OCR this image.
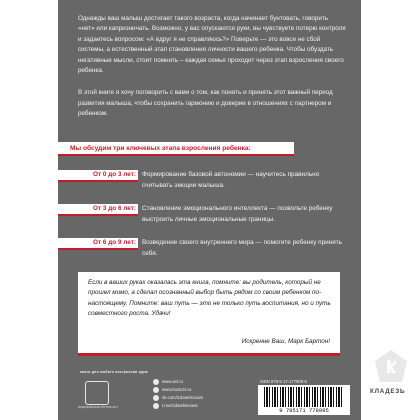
Однажды ваш малыш достигает такого возраста, когда начинает бунтовать, говорить «нет» или капризничать. Возможно, у вас опускаются руки, вы чувствуете потерю контроля и задаетесь вопросом: «А вдруг я не справляюсь?» Поверьте — это вовсе не сбой системы, а естественный этап становления личности вашего ребенка. Чтобы обуздать негативные мысли, стоит помнить – каждая семья проходит через этап взросления своего ребенка.

В этой книге я хочу поговорить с вами о том, как понять и принять этот важный период развития малыша, чтобы сохранить гармонию и доверие в отношениях с партнером и ребенком.

Мы обсудим три ключевых этапа взросления ребенка:
От 0 до 3 лет: Формирование базовой автономии — научитесь правильно считывать эмоции малыша.
От 3 до 6 лет: Становление эмоционального интеллекта — позвольте ребенку выстроить личные эмоциональные границы.
От 6 до 9 лет: Возведение своего внутреннего мира — помогите ребенку принять себя.
Если в ваших руках оказалась эта книга, помните: вы родитель, который не прошел мимо, а сделал осознанный выбор быть рядом со своим ребенком по-настоящему. Помните: ваш путь — это не только путь воспитания, но и путь совместного роста. Удачи!
Искренне Ваш, Марк Бартон!
книги для любого настроения эдем
ИЗДАТЕЛЬСКАЯ ГРУППА АСТ
www.ast.ru
www.book24.ru
vk.com/izdatelstvoast
t.me/izdatelstvoast
ISBN 978-5-17-177809-5
9 785171 778095
КЛАДЕЗЬ
